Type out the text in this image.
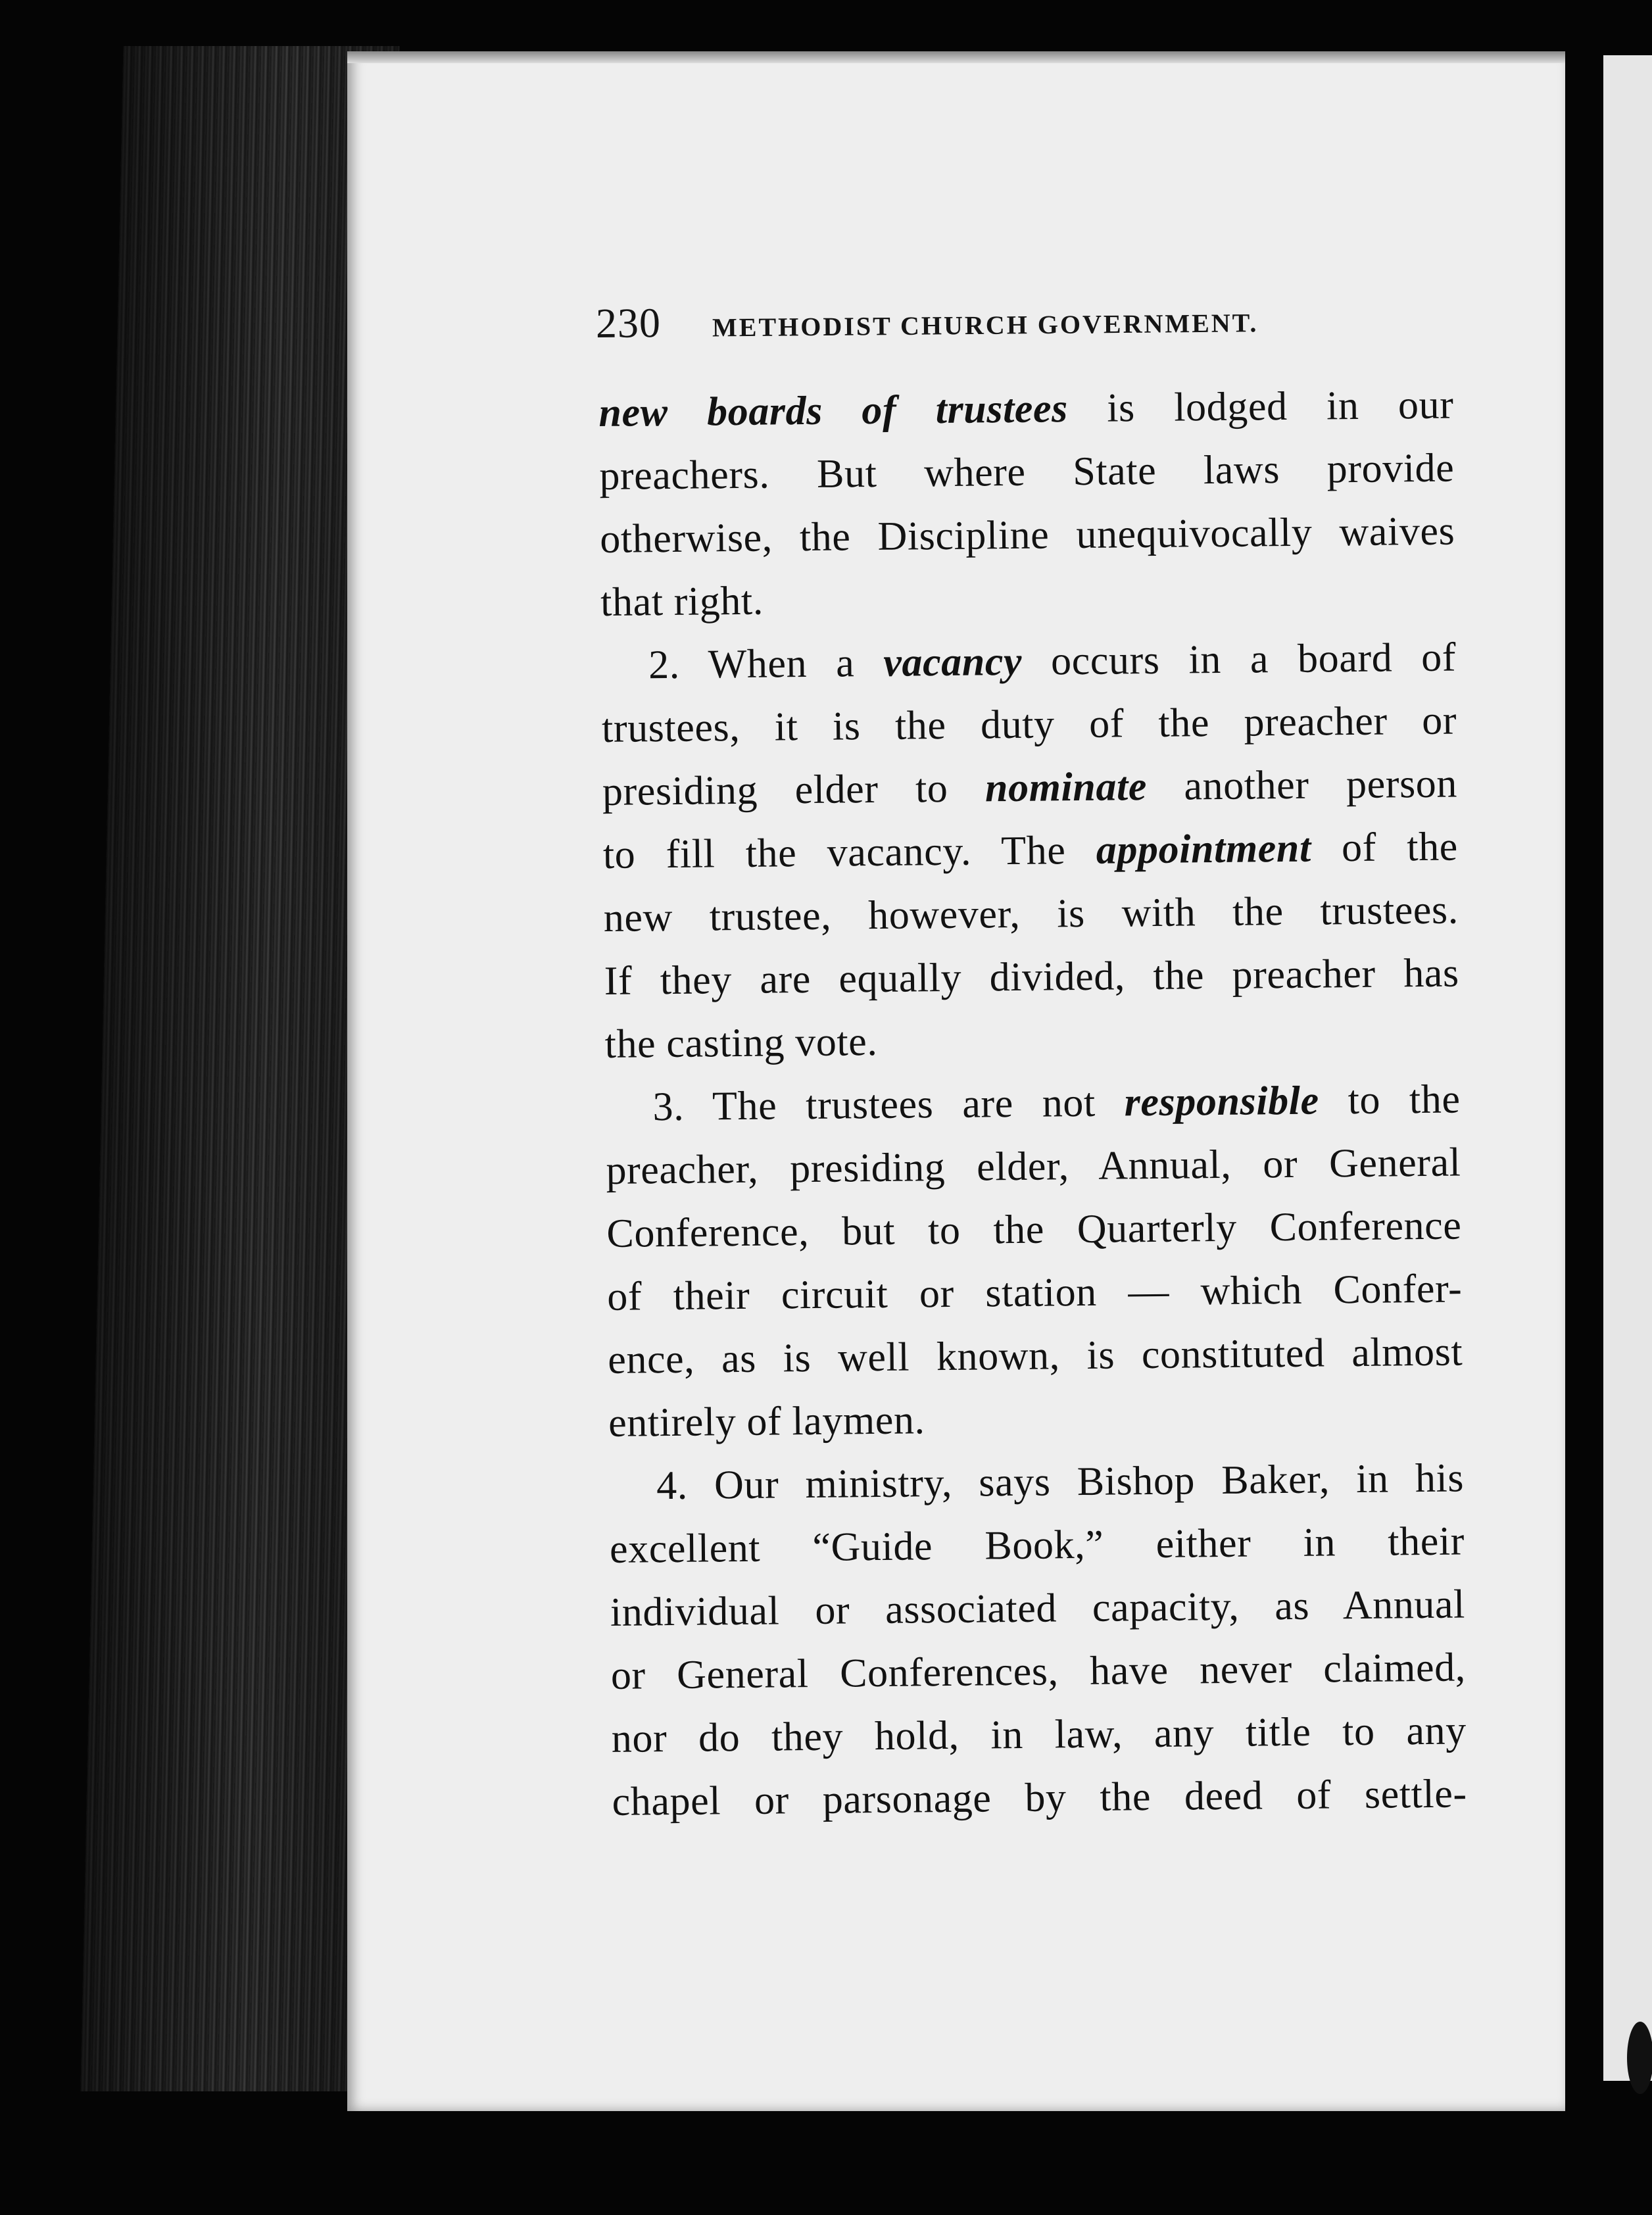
230 METHODIST CHURCH GOVERNMENT.
new boards of trustees is lodged in our
preachers. But where State laws provide
otherwise, the Discipline unequivocally waives
that right.
2. When a vacancy occurs in a board of
trustees, it is the duty of the preacher or
presiding elder to nominate another person
to fill the vacancy. The appointment of the
new trustee, however, is with the trustees.
If they are equally divided, the preacher has
the casting vote.
3. The trustees are not responsible to the
preacher, presiding elder, Annual, or General
Conference, but to the Quarterly Conference
of their circuit or station — which Confer-
ence, as is well known, is constituted almost
entirely of laymen.
4. Our ministry, says Bishop Baker, in his
excellent “Guide Book,” either in their
individual or associated capacity, as Annual
or General Conferences, have never claimed,
nor do they hold, in law, any title to any
chapel or parsonage by the deed of settle-
